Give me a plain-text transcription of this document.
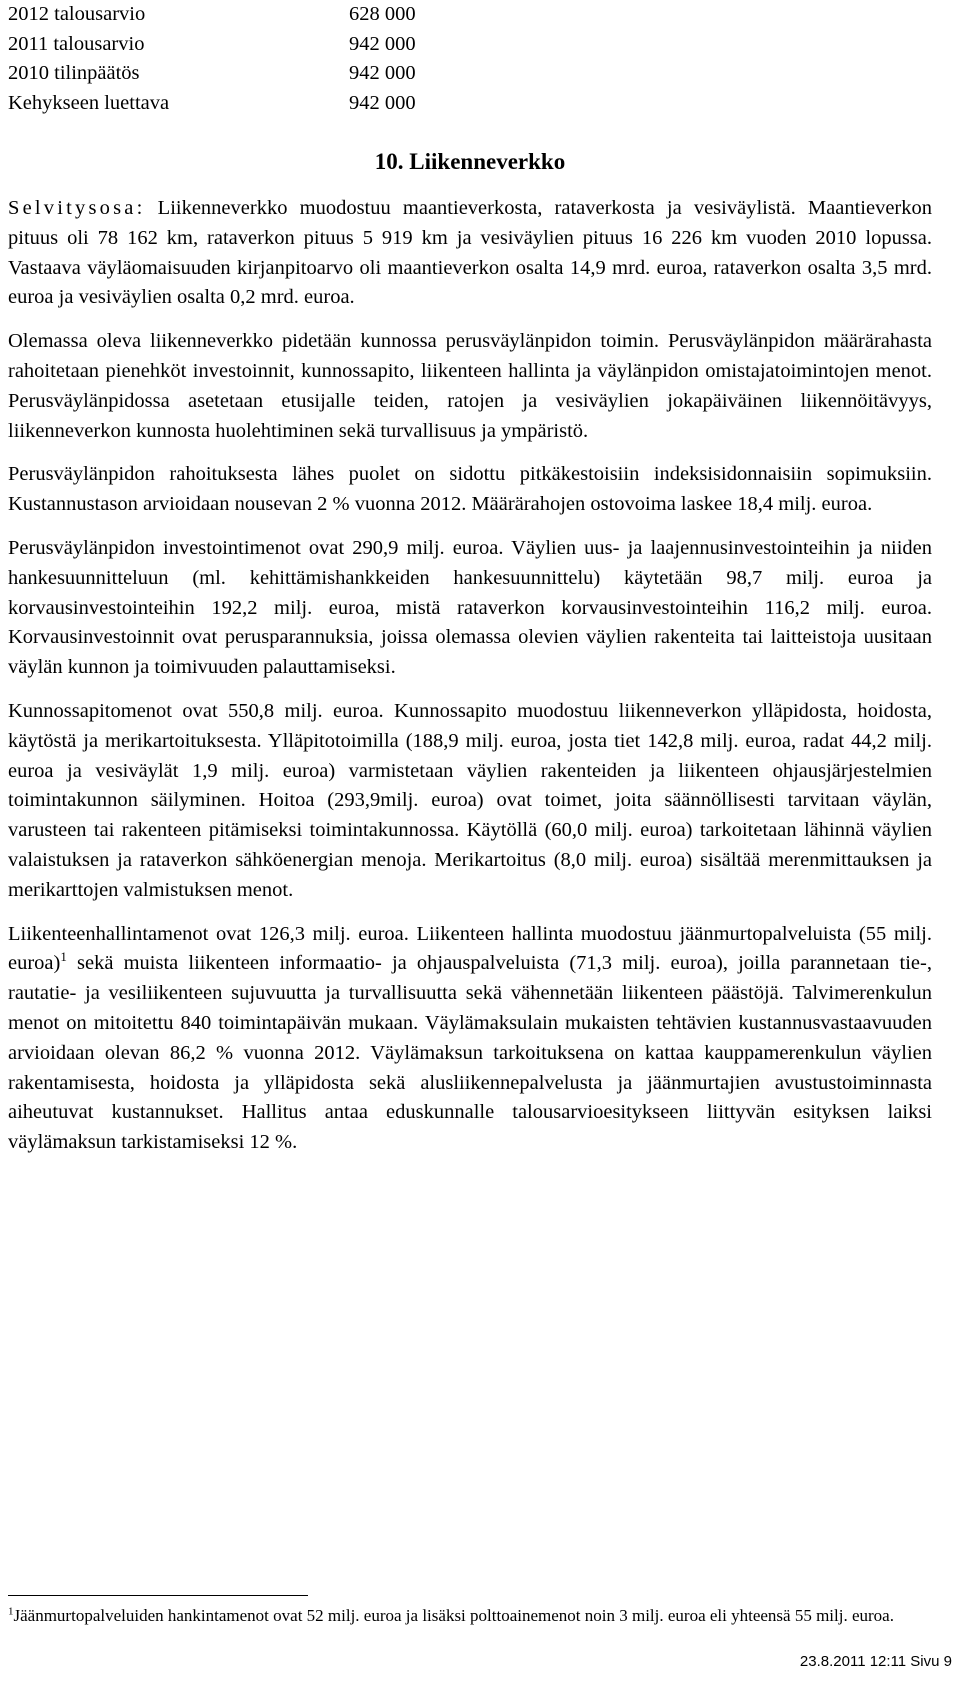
2012 talousarvio	628 000
2011 talousarvio	942 000
2010 tilinpäätös	942 000
Kehykseen luettava	942 000
10. Liikenneverkko

Selvitysosa: Liikenneverkko muodostuu maantieverkosta, rataverkosta ja vesiväylistä. Maantieverkon pituus oli 78 162 km, rataverkon pituus 5 919 km ja vesiväylien pituus 16 226 km vuoden 2010 lopussa. Vastaava väyläomaisuuden kirjanpitoarvo oli maantieverkon osalta 14,9 mrd. euroa, rataverkon osalta 3,5 mrd. euroa ja vesiväylien osalta 0,2 mrd. euroa.

Olemassa oleva liikenneverkko pidetään kunnossa perusväylänpidon toimin. Perusväylänpidon määrärahasta rahoitetaan pienehköt investoinnit, kunnossapito, liikenteen hallinta ja väylänpidon omistajatoimintojen menot. Perusväylänpidossa asetetaan etusijalle teiden, ratojen ja vesiväylien jokapäiväinen liikennöitävyys, liikenneverkon kunnosta huolehtiminen sekä turvallisuus ja ympäristö.

Perusväylänpidon rahoituksesta lähes puolet on sidottu pitkäkestoisiin indeksisidonnaisiin sopimuksiin. Kustannustason arvioidaan nousevan 2 % vuonna 2012. Määrärahojen ostovoima laskee 18,4 milj. euroa.

Perusväylänpidon investointimenot ovat 290,9 milj. euroa. Väylien uus- ja laajennusinvestointeihin ja niiden hankesuunnitteluun (ml. kehittämishankkeiden hankesuunnittelu) käytetään 98,7 milj. euroa ja korvausinvestointeihin 192,2 milj. euroa, mistä rataverkon korvausinvestointeihin 116,2 milj. euroa. Korvausinvestoinnit ovat perusparannuksia, joissa olemassa olevien väylien rakenteita tai laitteistoja uusitaan väylän kunnon ja toimivuuden palauttamiseksi.

Kunnossapitomenot ovat 550,8 milj. euroa. Kunnossapito muodostuu liikenneverkon ylläpidosta, hoidosta, käytöstä ja merikartoituksesta. Ylläpitotoimilla (188,9 milj. euroa, josta tiet 142,8 milj. euroa, radat 44,2 milj. euroa ja vesiväylät 1,9 milj. euroa) varmistetaan väylien rakenteiden ja liikenteen ohjausjärjestelmien toimintakunnon säilyminen. Hoitoa (293,9milj. euroa) ovat toimet, joita säännöllisesti tarvitaan väylän, varusteen tai rakenteen pitämiseksi toimintakunnossa. Käytöllä (60,0 milj. euroa) tarkoitetaan lähinnä väylien valaistuksen ja rataverkon sähköenergian menoja. Merikartoitus (8,0 milj. euroa) sisältää merenmittauksen ja merikarttojen valmistuksen menot.

Liikenteenhallintamenot ovat 126,3 milj. euroa. Liikenteen hallinta muodostuu jäänmurtopalveluista (55 milj. euroa)$^1$ sekä muista liikenteen informaatio- ja ohjauspalveluista (71,3 milj. euroa), joilla parannetaan tie-, rautatie- ja vesiliikenteen sujuvuutta ja turvallisuutta sekä vähennetään liikenteen päästöjä. Talvimerenkulun menot on mitoitettu 840 toimintapäivän mukaan. Väylämaksulain mukaisten tehtävien kustannusvastaavuuden arvioidaan olevan 86,2 % vuonna 2012. Väylämaksun tarkoituksena on kattaa kauppamerenkulun väylien rakentamisesta, hoidosta ja ylläpidosta sekä alusliikennepalvelusta ja jäänmurtajien avustustoiminnasta aiheutuvat kustannukset. Hallitus antaa eduskunnalle talousarvioesitykseen liittyvän esityksen laiksi väylämaksun tarkistamiseksi 12 %.

$^1$Jäänmurtopalveluiden hankintamenot ovat 52 milj. euroa ja lisäksi polttoainemenot noin 3 milj. euroa eli yhteensä 55 milj. euroa.
23.8.2011 12:11 Sivu 9
